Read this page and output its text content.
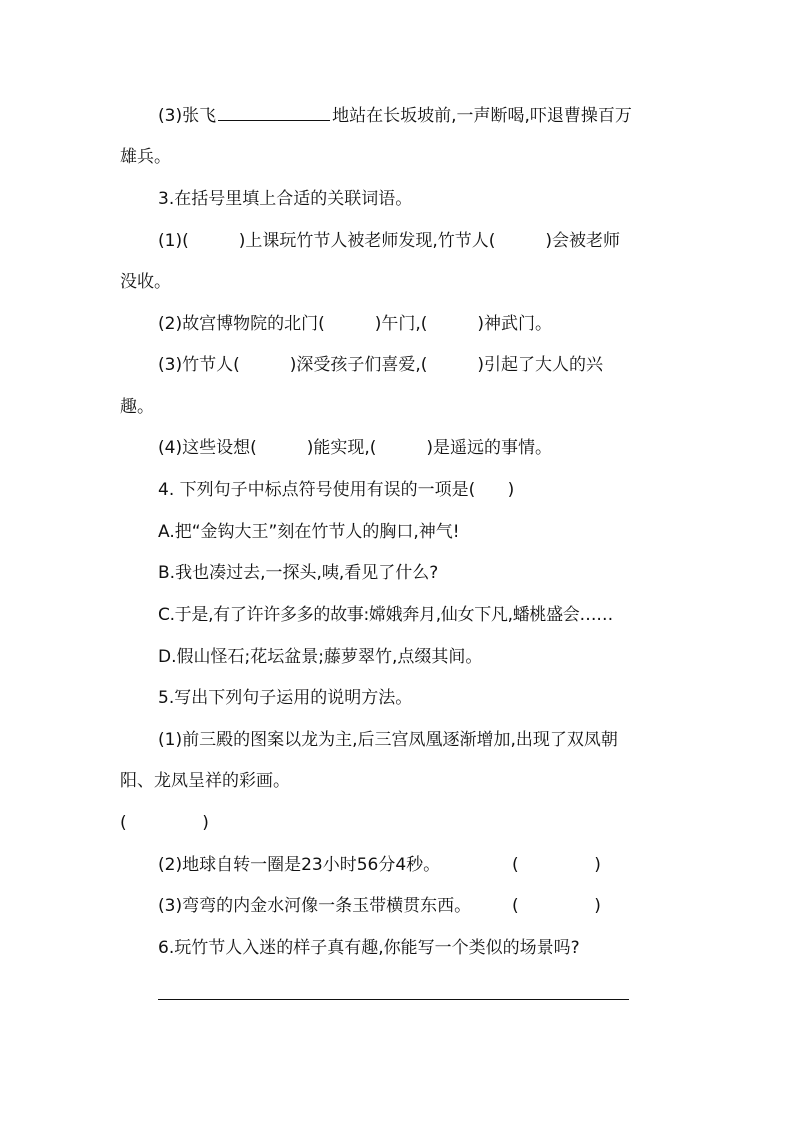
(3)张飞	地站在长坂坡前,一声断喝,吓退曹操百万
雄兵。
3.在括号里填上合适的关联词语。
(1)(	)上课玩竹节人被老师发现,竹节人(	)会被老师
没收。
(2)故宫博物院的北门(	)午门,(	)神武门。
(3)竹节人(	)深受孩子们喜爱,(	)引起了大人的兴
趣。
(4)这些设想(	)能实现,(	)是遥远的事情。
4. 下列句子中标点符号使用有误的一项是(      )
A.把“金钩大王”刻在竹节人的胸口,神气!
B.我也凑过去,一探头,咦,看见了什么?
C.于是,有了许许多多的故事:嫦娥奔月,仙女下凡,蟠桃盛会……
D.假山怪石;花坛盆景;藤萝翠竹,点缀其间。
5.写出下列句子运用的说明方法。
(1)前三殿的图案以龙为主,后三宫凤凰逐渐增加,出现了双凤朝
阳、龙凤呈祥的彩画。
(              )
(2)地球自转一圈是23小时56分4秒。	(              )
(3)弯弯的内金水河像一条玉带横贯东西。 (              )
6.玩竹节人入迷的样子真有趣,你能写一个类似的场景吗?
